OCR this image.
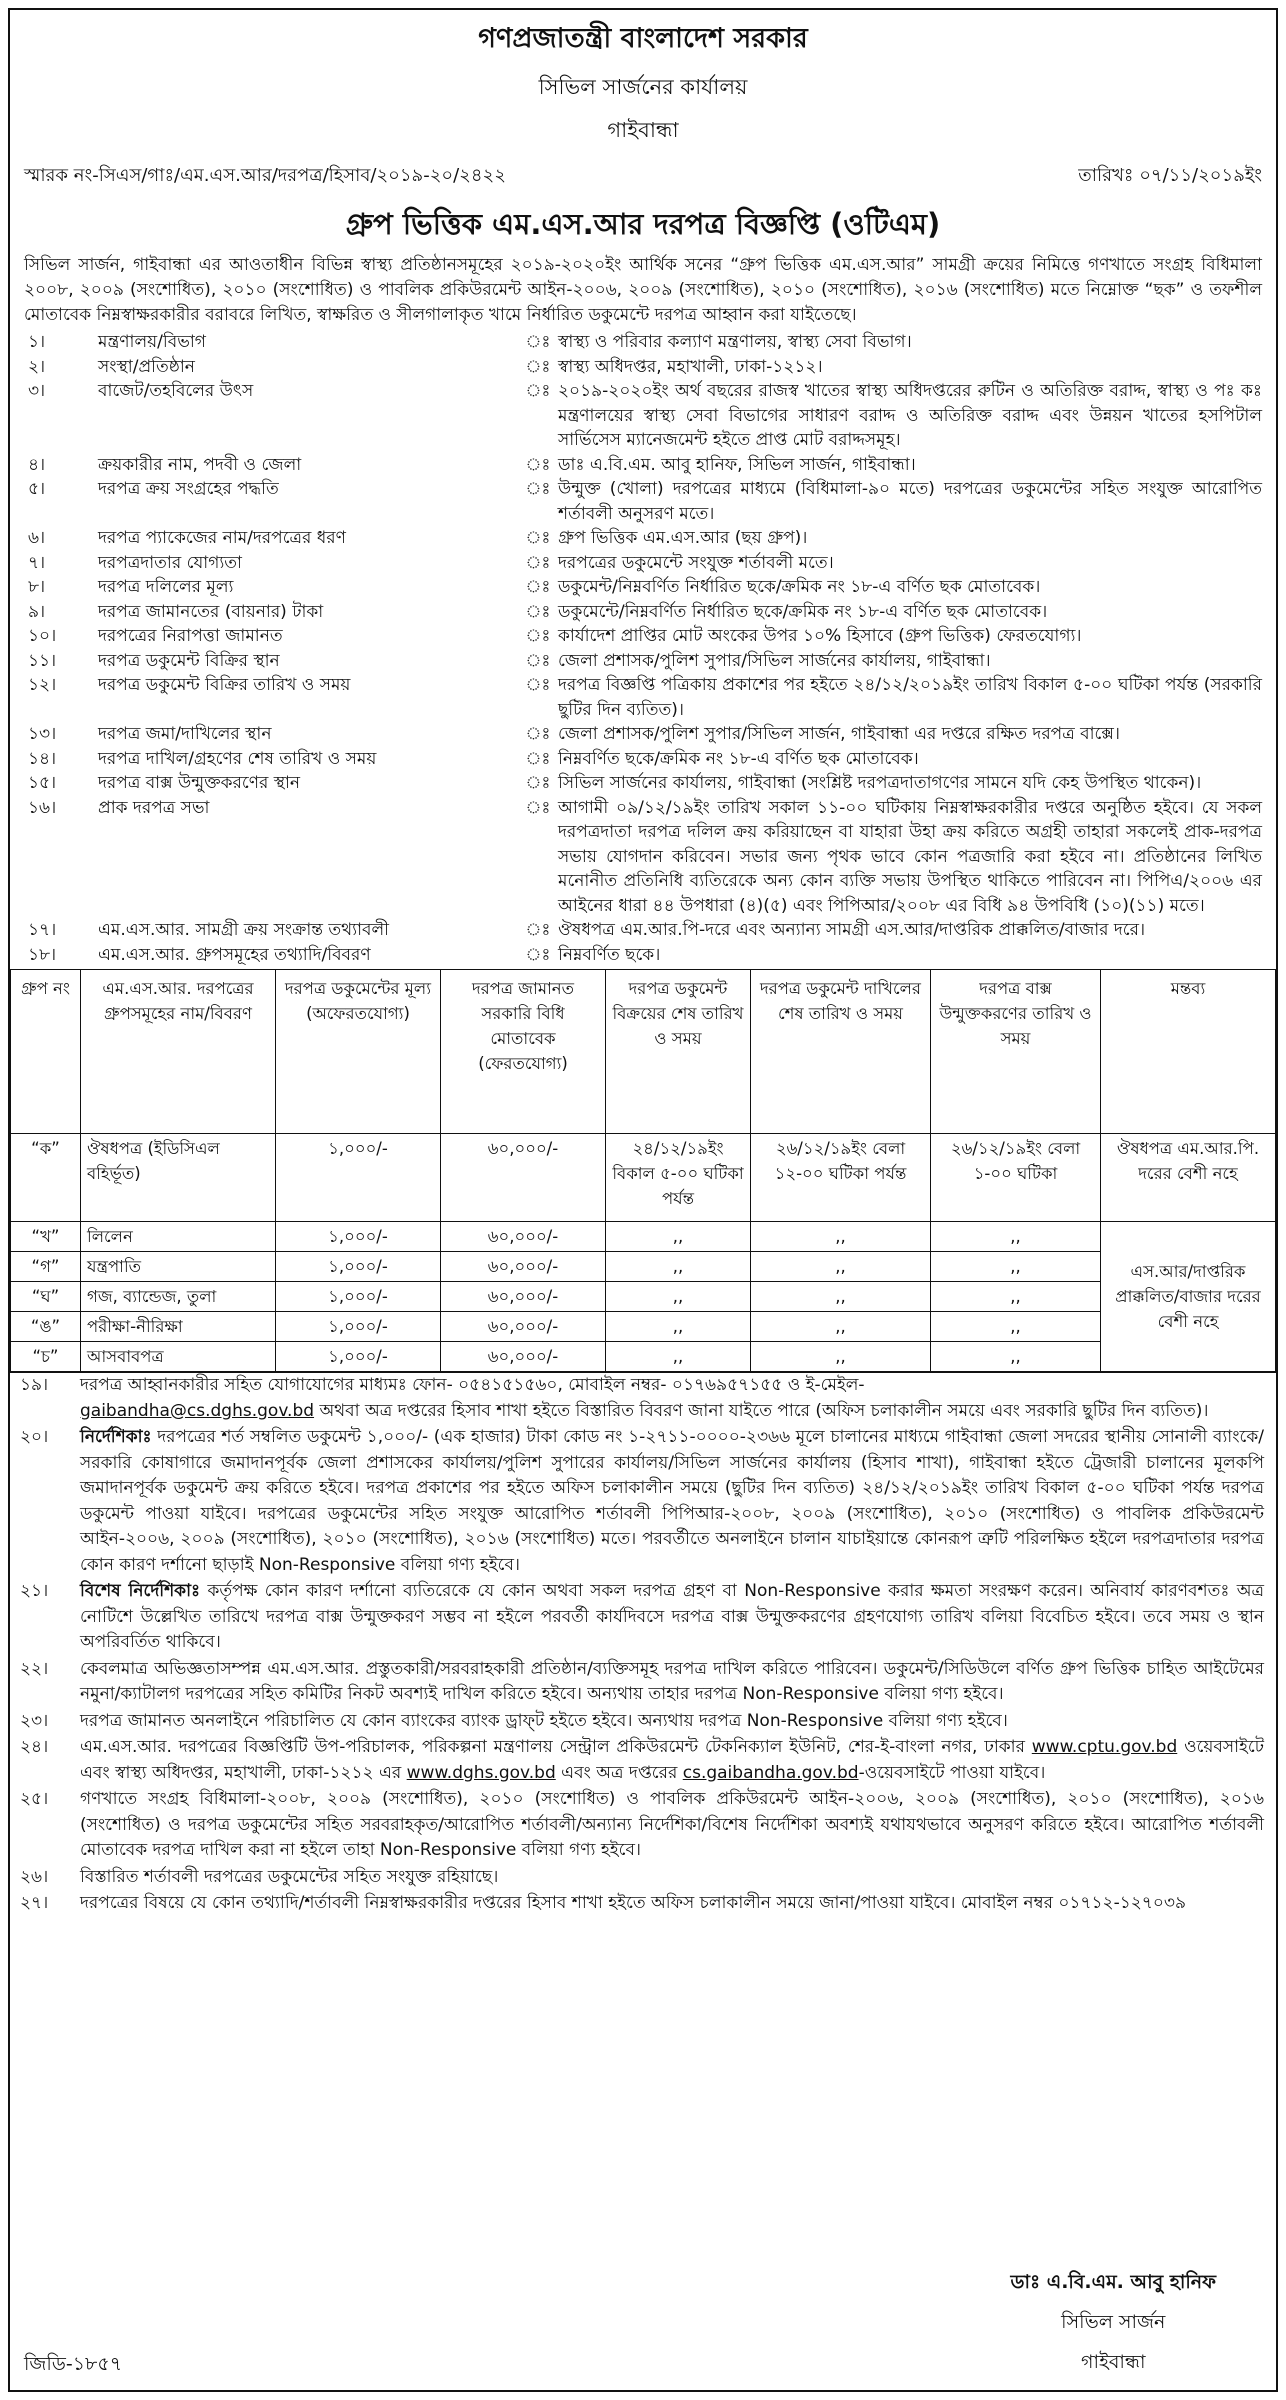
গণপ্রজাতন্ত্রী বাংলাদেশ সরকার
সিভিল সার্জনের কার্যালয়
গাইবান্ধা
স্মারক নং-সিএস/গাঃ/এম.এস.আর/দরপত্র/হিসাব/২০১৯-২০/২৪২২	তারিখঃ ০৭/১১/২০১৯ইং
গ্রুপ ভিত্তিক এম.এস.আর দরপত্র বিজ্ঞপ্তি (ওটিএম)
সিভিল সার্জন, গাইবান্ধা এর আওতাধীন বিভিন্ন স্বাস্থ্য প্রতিষ্ঠানসমূহের ২০১৯-২০২০ইং আর্থিক সনের “গ্রুপ ভিত্তিক এম.এস.আর” সামগ্রী ক্রয়ের নিমিত্তে গণখাতে সংগ্রহ বিধিমালা ২০০৮, ২০০৯ (সংশোধিত), ২০১০ (সংশোধিত) ও পাবলিক প্রকিউরমেন্ট আইন-২০০৬, ২০০৯ (সংশোধিত), ২০১০ (সংশোধিত), ২০১৬ (সংশোধিত) মতে নিম্নোক্ত “ছক” ও তফশীল মোতাবেক নিম্নস্বাক্ষরকারীর বরাবরে লিখিত, স্বাক্ষরিত ও সীলগালাকৃত খামে নির্ধারিত ডকুমেন্টে দরপত্র আহ্বান করা যাইতেছে।
১।	মন্ত্রণালয়/বিভাগ	ঃ স্বাস্থ্য ও পরিবার কল্যাণ মন্ত্রণালয়, স্বাস্থ্য সেবা বিভাগ।
২।	সংস্থা/প্রতিষ্ঠান	ঃ স্বাস্থ্য অধিদপ্তর, মহাখালী, ঢাকা-১২১২।
৩।	বাজেট/তহবিলের উৎস	ঃ ২০১৯-২০২০ইং অর্থ বছরের রাজস্ব খাতের স্বাস্থ্য অধিদপ্তরের রুটিন ও অতিরিক্ত বরাদ্দ, স্বাস্থ্য ও পঃ কঃ মন্ত্রণালয়ের স্বাস্থ্য সেবা বিভাগের সাধারণ বরাদ্দ ও অতিরিক্ত বরাদ্দ এবং উন্নয়ন খাতের হসপিটাল সার্ভিসেস ম্যানেজমেন্ট হইতে প্রাপ্ত মোট বরাদ্দসমূহ।
৪।	ক্রয়কারীর নাম, পদবী ও জেলা	ঃ ডাঃ এ.বি.এম. আবু হানিফ, সিভিল সার্জন, গাইবান্ধা।
৫।	দরপত্র ক্রয় সংগ্রহের পদ্ধতি	ঃ উন্মুক্ত (খোলা) দরপত্রের মাধ্যমে (বিধিমালা-৯০ মতে) দরপত্রের ডকুমেন্টের সহিত সংযুক্ত আরোপিত শর্তাবলী অনুসরণ মতে।
৬।	দরপত্র প্যাকেজের নাম/দরপত্রের ধরণ	ঃ গ্রুপ ভিত্তিক এম.এস.আর (ছয় গ্রুপ)।
৭।	দরপত্রদাতার যোগ্যতা	ঃ দরপত্রের ডকুমেন্টে সংযুক্ত শর্তাবলী মতে।
৮।	দরপত্র দলিলের মূল্য	ঃ ডকুমেন্ট/নিম্নবর্ণিত নির্ধারিত ছকে/ক্রমিক নং ১৮-এ বর্ণিত ছক মোতাবেক।
৯।	দরপত্র জামানতের (বায়নার) টাকা	ঃ ডকুমেন্টে/নিম্নবর্ণিত নির্ধারিত ছকে/ক্রমিক নং ১৮-এ বর্ণিত ছক মোতাবেক।
১০।	দরপত্রের নিরাপত্তা জামানত	ঃ কার্যাদেশ প্রাপ্তির মোট অংকের উপর ১০% হিসাবে (গ্রুপ ভিত্তিক) ফেরতযোগ্য।
১১।	দরপত্র ডকুমেন্ট বিক্রির স্থান	ঃ জেলা প্রশাসক/পুলিশ সুপার/সিভিল সার্জনের কার্যালয়, গাইবান্ধা।
১২।	দরপত্র ডকুমেন্ট বিক্রির তারিখ ও সময়	ঃ দরপত্র বিজ্ঞপ্তি পত্রিকায় প্রকাশের পর হইতে ২৪/১২/২০১৯ইং তারিখ বিকাল ৫-০০ ঘটিকা পর্যন্ত (সরকারি ছুটির দিন ব্যতিত)।
১৩।	দরপত্র জমা/দাখিলের স্থান	ঃ জেলা প্রশাসক/পুলিশ সুপার/সিভিল সার্জন, গাইবান্ধা এর দপ্তরে রক্ষিত দরপত্র বাক্সে।
১৪।	দরপত্র দাখিল/গ্রহণের শেষ তারিখ ও সময়	ঃ নিম্নবর্ণিত ছকে/ক্রমিক নং ১৮-এ বর্ণিত ছক মোতাবেক।
১৫।	দরপত্র বাক্স উন্মুক্তকরণের স্থান	ঃ সিভিল সার্জনের কার্যালয়, গাইবান্ধা (সংশ্লিষ্ট দরপত্রদাতাগণের সামনে যদি কেহ উপস্থিত থাকেন)।
১৬।	প্রাক দরপত্র সভা	ঃ আগামী ০৯/১২/১৯ইং তারিখ সকাল ১১-০০ ঘটিকায় নিম্নস্বাক্ষরকারীর দপ্তরে অনুষ্ঠিত হইবে। যে সকল দরপত্রদাতা দরপত্র দলিল ক্রয় করিয়াছেন বা যাহারা উহা ক্রয় করিতে অগ্রহী তাহারা সকলেই প্রাক-দরপত্র সভায় যোগদান করিবেন। সভার জন্য পৃথক ভাবে কোন পত্রজারি করা হইবে না। প্রতিষ্ঠানের লিখিত মনোনীত প্রতিনিধি ব্যতিরেকে অন্য কোন ব্যক্তি সভায় উপস্থিত থাকিতে পারিবেন না। পিপিএ/২০০৬ এর আইনের ধারা ৪৪ উপধারা (৪)(৫) এবং পিপিআর/২০০৮ এর বিধি ৯৪ উপবিধি (১০)(১১) মতে।
১৭।	এম.এস.আর. সামগ্রী ক্রয় সংক্রান্ত তথ্যাবলী	ঃ ঔষধপত্র এম.আর.পি-দরে এবং অন্যান্য সামগ্রী এস.আর/দাপ্তরিক প্রাক্কলিত/বাজার দরে।
১৮।	এম.এস.আর. গ্রুপসমূহের তথ্যাদি/বিবরণ	ঃ নিম্নবর্ণিত ছকে।
গ্রুপ নং	এম.এস.আর. দরপত্রের গ্রুপসমূহের নাম/বিবরণ	দরপত্র ডকুমেন্টের মূল্য (অফেরতযোগ্য)	দরপত্র জামানত সরকারি বিধি মোতাবেক (ফেরতযোগ্য)	দরপত্র ডকুমেন্ট বিক্রয়ের শেষ তারিখ ও সময়	দরপত্র ডকুমেন্ট দাখিলের শেষ তারিখ ও সময়	দরপত্র বাক্স উন্মুক্তকরণের তারিখ ও সময়	মন্তব্য
“ক”	ঔষধপত্র (ইডিসিএল বহির্ভূত)	১,০০০/-	৬০,০০০/-	২৪/১২/১৯ইং বিকাল ৫-০০ ঘটিকা পর্যন্ত	২৬/১২/১৯ইং বেলা ১২-০০ ঘটিকা পর্যন্ত	২৬/১২/১৯ইং বেলা ১-০০ ঘটিকা	ঔষধপত্র এম.আর.পি. দরের বেশী নহে
“খ”	লিলেন	১,০০০/-	৬০,০০০/-	,,	,,	,,	এস.আর/দাপ্তরিক প্রাক্কলিত/বাজার দরের বেশী নহে
“গ”	যন্ত্রপাতি	১,০০০/-	৬০,০০০/-	,,	,,	,,	
“ঘ”	গজ, ব্যান্ডেজ, তুলা	১,০০০/-	৬০,০০০/-	,,	,,	,,	
“ঙ”	পরীক্ষা-নীরিক্ষা	১,০০০/-	৬০,০০০/-	,,	,,	,,	
“চ”	আসবাবপত্র	১,০০০/-	৬০,০০০/-	,,	,,	,,	
১৯।	দরপত্র আহ্বানকারীর সহিত যোগাযোগের মাধ্যমঃ ফোন- ০৫৪১৫১৫৬০, মোবাইল নম্বর- ০১৭৬৯৫৭১৫৫ ও ই-মেইল-
gaibandha@cs.dghs.gov.bd অথবা অত্র দপ্তরের হিসাব শাখা হইতে বিস্তারিত বিবরণ জানা যাইতে পারে (অফিস চলাকালীন সময়ে এবং সরকারি ছুটির দিন ব্যতিত)।
২০।	নির্দেশিকাঃ দরপত্রের শর্ত সম্বলিত ডকুমেন্ট ১,০০০/- (এক হাজার) টাকা কোড নং ১-২৭১১-০০০০-২৩৬৬ মূলে চালানের মাধ্যমে গাইবান্ধা জেলা সদরের স্থানীয় সোনালী ব্যাংকে/সরকারি কোষাগারে জমাদানপূর্বক জেলা প্রশাসকের কার্যালয়/পুলিশ সুপারের কার্যালয়/সিভিল সার্জনের কার্যালয় (হিসাব শাখা), গাইবান্ধা হইতে ট্রেজারী চালানের মূলকপি জমাদানপূর্বক ডকুমেন্ট ক্রয় করিতে হইবে। দরপত্র প্রকাশের পর হইতে অফিস চলাকালীন সময়ে (ছুটির দিন ব্যতিত) ২৪/১২/২০১৯ইং তারিখ বিকাল ৫-০০ ঘটিকা পর্যন্ত দরপত্র ডকুমেন্ট পাওয়া যাইবে। দরপত্রের ডকুমেন্টের সহিত সংযুক্ত আরোপিত শর্তাবলী পিপিআর-২০০৮, ২০০৯ (সংশোধিত), ২০১০ (সংশোধিত) ও পাবলিক প্রকিউরমেন্ট আইন-২০০৬, ২০০৯ (সংশোধিত), ২০১০ (সংশোধিত), ২০১৬ (সংশোধিত) মতে। পরবর্তীতে অনলাইনে চালান যাচাইয়ান্তে কোনরূপ ত্রুটি পরিলক্ষিত হইলে দরপত্রদাতার দরপত্র কোন কারণ দর্শানো ছাড়াই Non-Responsive বলিয়া গণ্য হইবে।
২১।	বিশেষ নির্দেশিকাঃ কর্তৃপক্ষ কোন কারণ দর্শানো ব্যতিরেকে যে কোন অথবা সকল দরপত্র গ্রহণ বা Non-Responsive করার ক্ষমতা সংরক্ষণ করেন। অনিবার্য কারণবশতঃ অত্র নোটিশে উল্লেখিত তারিখে দরপত্র বাক্স উন্মুক্তকরণ সম্ভব না হইলে পরবর্তী কার্যদিবসে দরপত্র বাক্স উন্মুক্তকরণের গ্রহণযোগ্য তারিখ বলিয়া বিবেচিত হইবে। তবে সময় ও স্থান অপরিবর্তিত থাকিবে।
২২।	কেবলমাত্র অভিজ্ঞতাসম্পন্ন এম.এস.আর. প্রস্তুতকারী/সরবরাহকারী প্রতিষ্ঠান/ব্যক্তিসমূহ দরপত্র দাখিল করিতে পারিবেন। ডকুমেন্ট/সিডিউলে বর্ণিত গ্রুপ ভিত্তিক চাহিত আইটেমের নমুনা/ক্যাটালগ দরপত্রের সহিত কমিটির নিকট অবশ্যই দাখিল করিতে হইবে। অন্যথায় তাহার দরপত্র Non-Responsive বলিয়া গণ্য হইবে।
২৩।	দরপত্র জামানত অনলাইনে পরিচালিত যে কোন ব্যাংকের ব্যাংক ড্রাফ্‌ট হইতে হইবে। অন্যথায় দরপত্র Non-Responsive বলিয়া গণ্য হইবে।
২৪।	এম.এস.আর. দরপত্রের বিজ্ঞপ্তিটি উপ-পরিচালক, পরিকল্পনা মন্ত্রণালয় সেন্ট্রাল প্রকিউরমেন্ট টেকনিক্যাল ইউনিট, শের-ই-বাংলা নগর, ঢাকার www.cptu.gov.bd ওয়েবসাইটে এবং স্বাস্থ্য অধিদপ্তর, মহাখালী, ঢাকা-১২১২ এর www.dghs.gov.bd এবং অত্র দপ্তরের cs.gaibandha.gov.bd-ওয়েবসাইটে পাওয়া যাইবে।
২৫।	গণখাতে সংগ্রহ বিধিমালা-২০০৮, ২০০৯ (সংশোধিত), ২০১০ (সংশোধিত) ও পাবলিক প্রকিউরমেন্ট আইন-২০০৬, ২০০৯ (সংশোধিত), ২০১০ (সংশোধিত), ২০১৬ (সংশোধিত) ও দরপত্র ডকুমেন্টের সহিত সরবরাহকৃত/আরোপিত শর্তাবলী/অন্যান্য নির্দেশিকা/বিশেষ নির্দেশিকা অবশ্যই যথাযথভাবে অনুসরণ করিতে হইবে। আরোপিত শর্তাবলী মোতাবেক দরপত্র দাখিল করা না হইলে তাহা Non-Responsive বলিয়া গণ্য হইবে।
২৬।	বিস্তারিত শর্তাবলী দরপত্রের ডকুমেন্টের সহিত সংযুক্ত রহিয়াছে।
২৭।	দরপত্রের বিষয়ে যে কোন তথ্যাদি/শর্তাবলী নিম্নস্বাক্ষরকারীর দপ্তরের হিসাব শাখা হইতে অফিস চলাকালীন সময়ে জানা/পাওয়া যাইবে। মোবাইল নম্বর ০১৭১২-১২৭০৩৯
ডাঃ এ.বি.এম. আবু হানিফ
সিভিল সার্জন
গাইবান্ধা
জিডি-১৮৫৭
